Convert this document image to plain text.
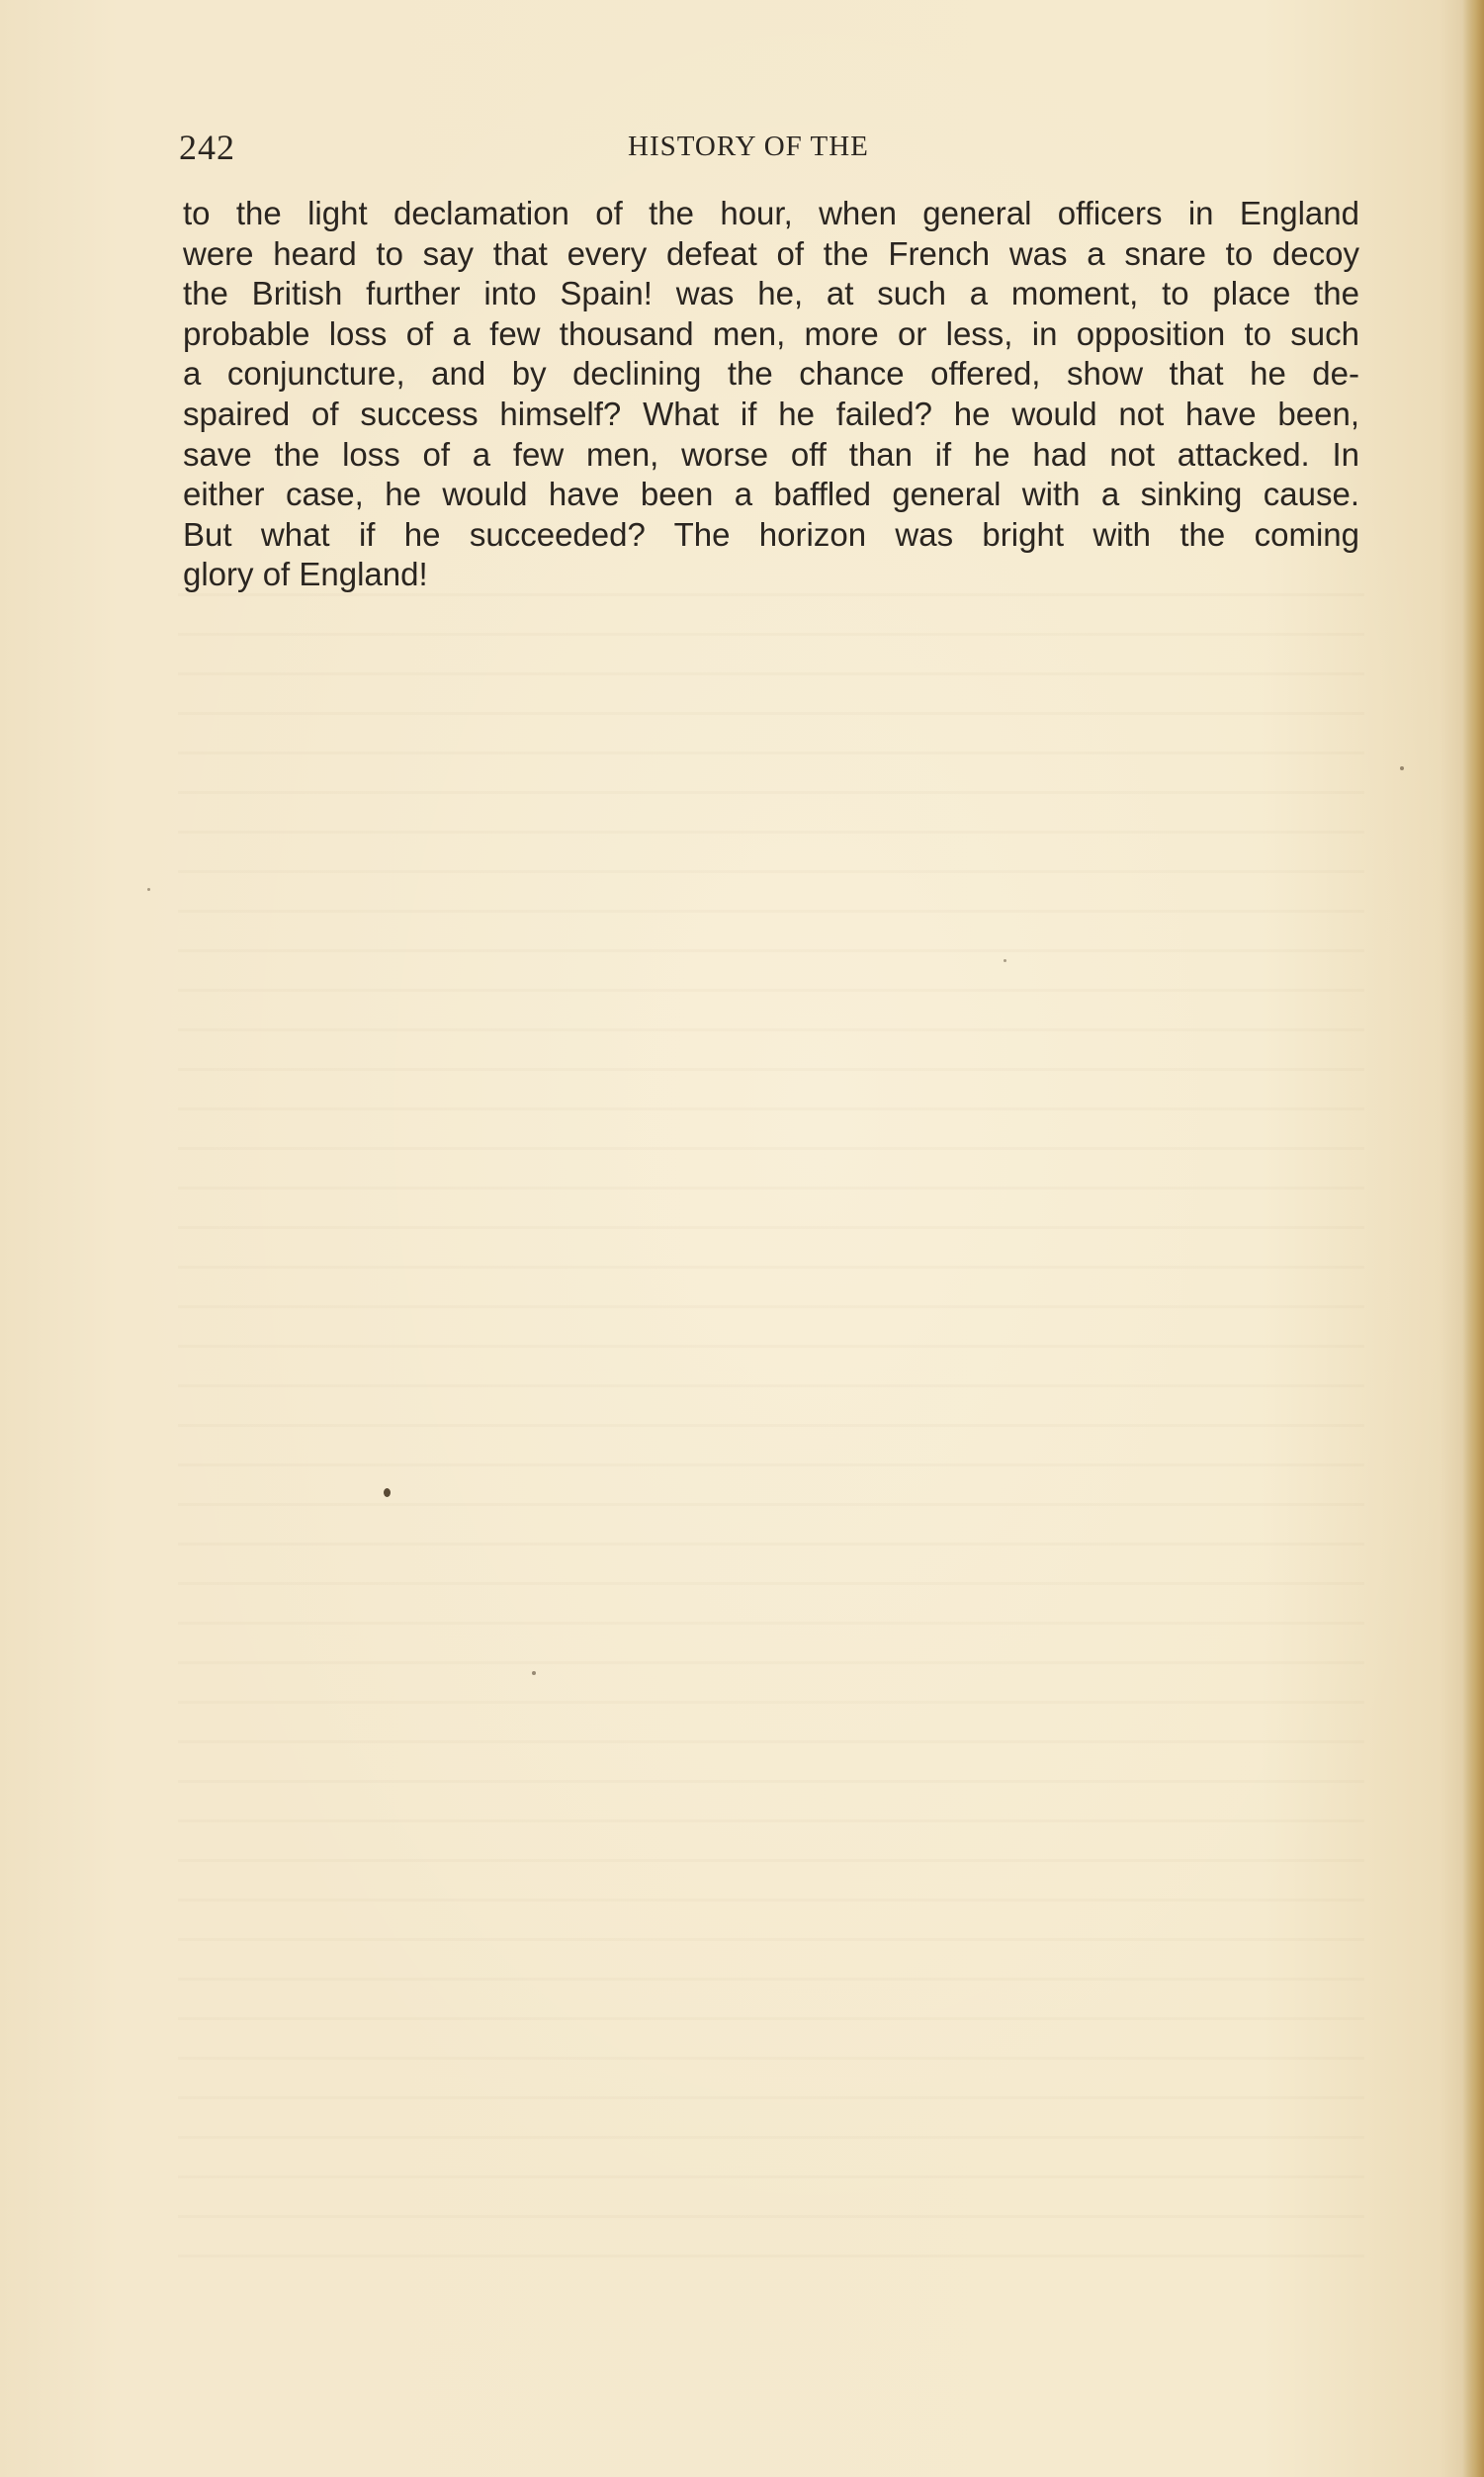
242	HISTORY OF THE
to the light declamation of the hour, when general officers in England
were heard to say that every defeat of the French was a snare to decoy
the British further into Spain! was he, at such a moment, to place the
probable loss of a few thousand men, more or less, in opposition to such
a conjuncture, and by declining the chance offered, show that he de-
spaired of success himself? What if he failed? he would not have been,
save the loss of a few men, worse off than if he had not attacked. In
either case, he would have been a baffled general with a sinking cause.
But what if he succeeded? The horizon was bright with the coming
glory of England!
